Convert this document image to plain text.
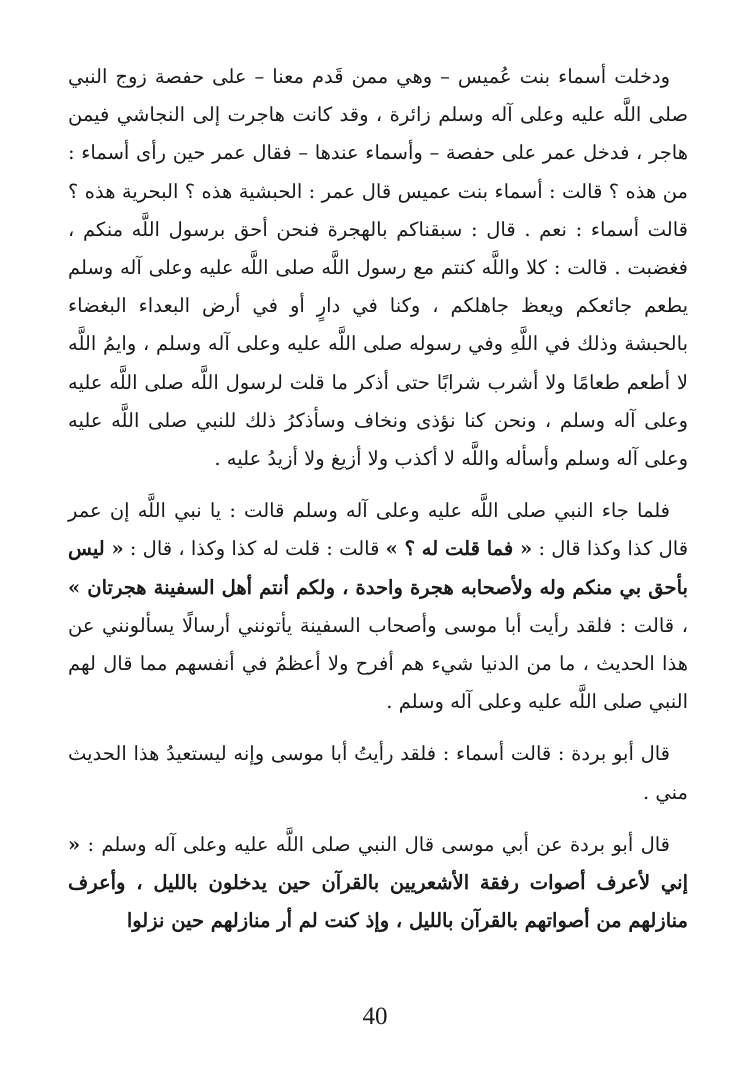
ودخلت أسماء بنت عُميس – وهي ممن قَدم معنا – على حفصة زوج النبي صلى اللَّه عليه وعلى آله وسلم زائرة ، وقد كانت هاجرت إلى النجاشي فيمن هاجر ، فدخل عمر على حفصة – وأسماء عندها – فقال عمر حين رأى أسماء : من هذه ؟ قالت : أسماء بنت عميس قال عمر : الحبشية هذه ؟ البحرية هذه ؟ قالت أسماء : نعم . قال : سبقناكم بالهجرة فنحن أحق برسول اللَّه منكم ، فغضبت . قالت : كلا واللَّه كنتم مع رسول اللَّه صلى اللَّه عليه وعلى آله وسلم يطعم جائعكم ويعظ جاهلكم ، وكنا في دارٍ أو في أرض البعداء البغضاء بالحبشة وذلك في اللَّهِ وفي رسوله صلى اللَّه عليه وعلى آله وسلم ، وايمُ اللَّه لا أطعم طعامًا ولا أشرب شرابًا حتى أذكر ما قلت لرسول اللَّه صلى اللَّه عليه وعلى آله وسلم ، ونحن كنا نؤذى ونخاف وسأذكرُ ذلك للنبي صلى اللَّه عليه وعلى آله وسلم وأسأله واللَّه لا أكذب ولا أزيغ ولا أزيدُ عليه .

فلما جاء النبي صلى اللَّه عليه وعلى آله وسلم قالت : يا نبي اللَّه إن عمر قال كذا وكذا قال : « فما قلت له ؟ » قالت : قلت له كذا وكذا ، قال : « ليس بأحق بي منكم وله ولأصحابه هجرة واحدة ، ولكم أنتم أهل السفينة هجرتان » ، قالت : فلقد رأيت أبا موسى وأصحاب السفينة يأتونني أرسالًا يسألونني عن هذا الحديث ، ما من الدنيا شيء هم أفرح ولا أعظمُ في أنفسهم مما قال لهم النبي صلى اللَّه عليه وعلى آله وسلم .

قال أبو بردة : قالت أسماء : فلقد رأيتُ أبا موسى وإنه ليستعيدُ هذا الحديث مني .

قال أبو بردة عن أبي موسى قال النبي صلى اللَّه عليه وعلى آله وسلم : « إني لأعرف أصوات رفقة الأشعريين بالقرآن حين يدخلون بالليل ، وأعرف منازلهم من أصواتهم بالقرآن بالليل ، وإذ كنت لم أر منازلهم حين نزلوا

40
